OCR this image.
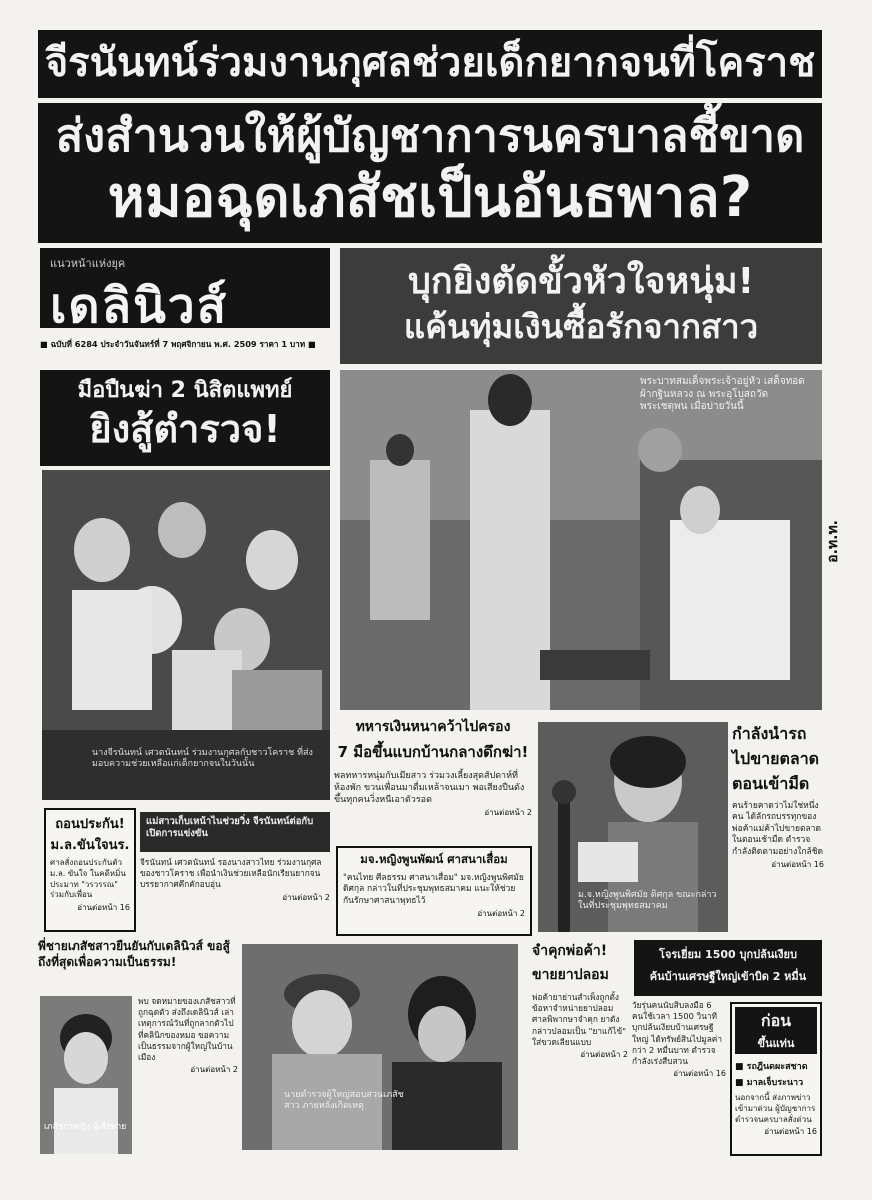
จีรนันทน์ร่วมงานกุศลช่วยเด็กยากจนที่โคราช
ส่งสำนวนให้ผู้บัญชาการนครบาลชี้ขาด
หมอฉุดเภสัชเป็นอันธพาล?
แนวหน้าแห่งยุค
เดลินิวส์
■ ฉบับที่ 6284 ประจำวันจันทร์ที่ 7 พฤศจิกายน พ.ศ. 2509 ราคา 1 บาท ■
บุกยิงตัดขั้วหัวใจหนุ่ม!
แค้นทุ่มเงินซื้อรักจากสาว
มือปืนฆ่า 2 นิสิตแพทย์
ยิงสู้ตำรวจ!
นางจีรนันทน์ เศวตนันทน์ ร่วมงานกุศลกับชาวโคราช ที่ส่งมอบความช่วยเหลือแก่เด็กยากจนในวันนั้น
พระบาทสมเด็จพระเจ้าอยู่หัว เสด็จทอดผ้ากฐินหลวง ณ พระอุโบสถวัดพระเชตุพน เมื่อบ่ายวันนี้
อ.ท.ท.
ทหารเงินหนาคว้าไปครอง
7 มือขึ้นแบกบ้านกลางดึกฆ่า!
พลทหารหนุ่มกับเมียสาว ร่วมวงเลี้ยงสุดสัปดาห์ที่ห้องพัก ขวนเพื่อนมาดื่มเหล้าจนเมา พอเสียงปืนดังขึ้นทุกคนวิ่งหนีเอาตัวรอด
อ่านต่อหน้า 2
มจ.หญิงพูนพัฒน์ ศาสนาเสื่อม
"คนไทย ศีลธรรม ศาสนาเสื่อม" มจ.หญิงพูนพิศมัย ดิศกุล กล่าวในที่ประชุมพุทธสมาคม แนะให้ช่วยกันรักษาศาสนาพุทธไว้
อ่านต่อหน้า 2
ม.จ.หญิงพูนพิศมัย ดิศกุล ขณะกล่าวในที่ประชุมพุทธสมาคม
กำลังนำรถ
ไปขายตลาด
ตอนเข้ามืด
คนร้ายคาดว่าไม่ใช่หนึ่งคน ได้ลักรถบรรทุกของพ่อค้าแม่ค้าไปขายตลาดในตอนเช้ามืด ตำรวจกำลังติดตามอย่างใกล้ชิด
อ่านต่อหน้า 16
ถอนประกัน!
ม.ล.ขันใจนร.
ศาลสั่งถอนประกันตัว ม.ล. ขันใจ ในคดีหมิ่นประมาท "วรวรรณ" ร่วมกับเพื่อน
อ่านต่อหน้า 16
แม่สาวเก็บเหน้าไนช่วยวิ่ง จีรนันทน์ต่อกับเปิดการแข่งขัน
จีรนันทน์ เศวตนันทน์ รองนางสาวไทย ร่วมงานกุศลของชาวโคราช เพื่อนำเงินช่วยเหลือนักเรียนยากจน บรรยากาศคึกคักอบอุ่น
อ่านต่อหน้า 2
พี่ชายเภสัชสาวยืนยันกับเดลินิวส์ ขอสู้ถึงที่สุดเพื่อความเป็นธรรม!
เภสัชกรหญิง ผู้เสียหาย
พบ จดหมายของเภสัชสาวที่ถูกฉุดตัว ส่งถึงเดลินิวส์ เล่าเหตุการณ์วันที่ถูกลากตัวไปที่คลินิกของหมอ ขอความเป็นธรรมจากผู้ใหญ่ในบ้านเมือง
อ่านต่อหน้า 2
นายตำรวจผู้ใหญ่สอบสวนเภสัชสาว ภายหลังเกิดเหตุ
จำคุกพ่อค้า!
ขายยาปลอม
พ่อค้ายาย่านสำเพ็งถูกตั้งข้อหาจำหน่ายยาปลอม ศาลพิพากษาจำคุก ยาดังกล่าวปลอมเป็น "ยาแก้ไข้" ใส่ขวดเลียนแบบ
อ่านต่อหน้า 2
โจรเยี่ยม 1500 บุกปล้นเงียบ
ค้นบ้านเศรษฐีใหญ่เข้าบิด 2 หมื่น
วัยรุ่นคนนับสิบลงมือ 6 คนใช้เวลา 1500 วินาที บุกปล้นเงียบบ้านเศรษฐีใหญ่ ได้ทรัพย์สินไปมูลค่ากว่า 2 หมื่นบาท ตำรวจกำลังเร่งสืบสวน
อ่านต่อหน้า 16
ก่อน
ขึ้นแท่น
■ รถฎีนดผะสชาด
■ มาลเจ็บระนาว
นอกจากนี้ ส่งภาพข่าวเข้ามาด่วน ผู้บัญชาการตำรวจนครบาลสั่งด่วน
อ่านต่อหน้า 16
